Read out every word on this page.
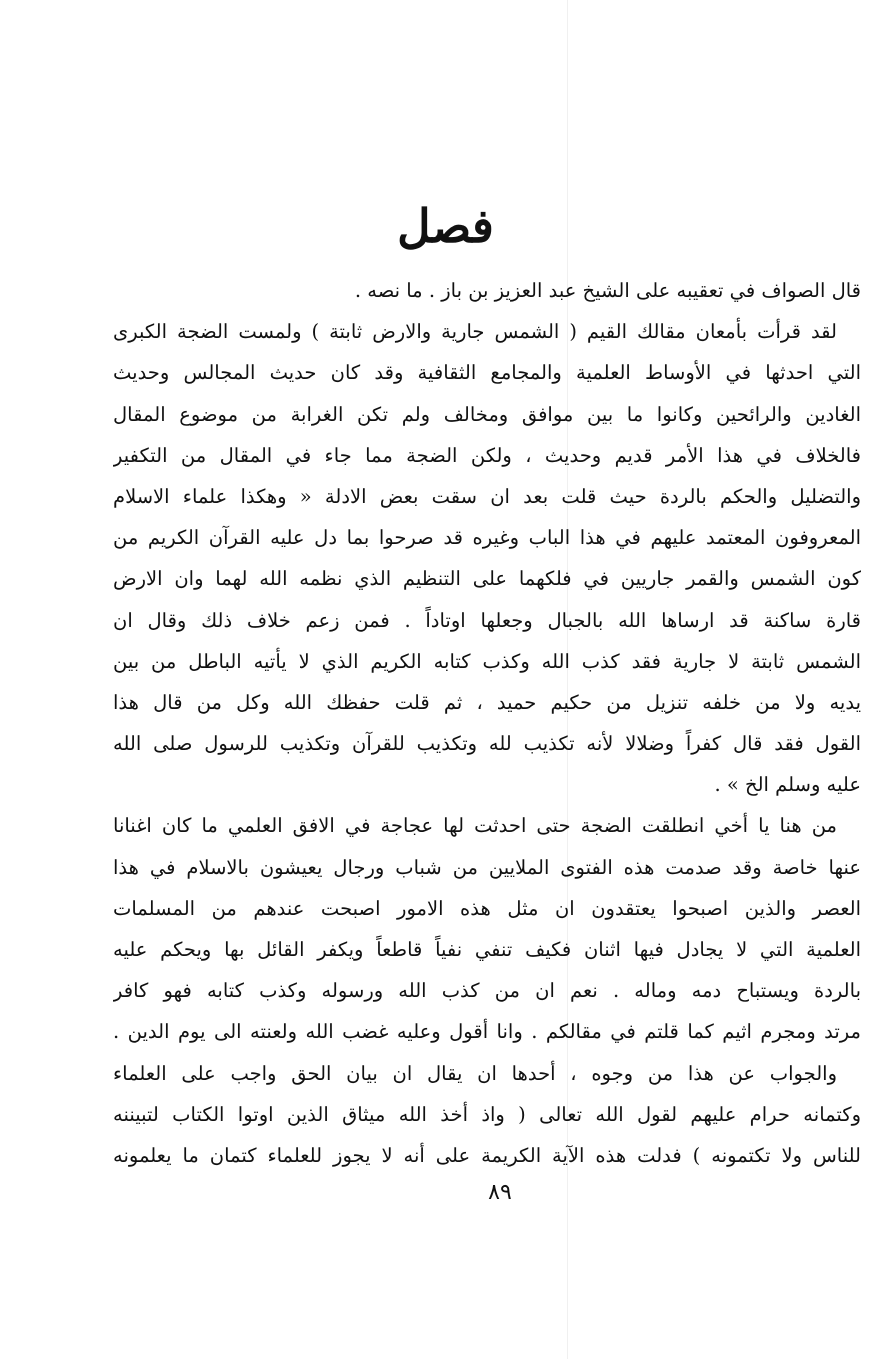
فصل
قال الصواف في تعقيبه على الشيخ عبد العزيز بن باز . ما نصه .
لقد قرأت بأمعان مقالك القيم ( الشمس جارية والارض ثابتة ) ولمست الضجة الكبرى
التي احدثها في الأوساط العلمية والمجامع الثقافية وقد كان حديث المجالس وحديث
الغادين والرائحين وكانوا ما بين موافق ومخالف ولم تكن الغرابة من موضوع المقال
فالخلاف في هذا الأمر قديم وحديث ، ولكن الضجة مما جاء في المقال من التكفير
والتضليل والحكم بالردة حيث قلت بعد ان سقت بعض الادلة « وهكذا علماء الاسلام
المعروفون المعتمد عليهم في هذا الباب وغيره قد صرحوا بما دل عليه القرآن الكريم من
كون الشمس والقمر جاريين في فلكهما على التنظيم الذي نظمه الله لهما وان الارض
قارة ساكنة قد ارساها الله بالجبال وجعلها اوتاداً . فمن زعم خلاف ذلك وقال ان
الشمس ثابتة لا جارية فقد كذب الله وكذب كتابه الكريم الذي لا يأتيه الباطل من بين
يديه ولا من خلفه تنزيل من حكيم حميد ، ثم قلت حفظك الله وكل من قال هذا
القول فقد قال كفراً وضلالا لأنه تكذيب لله وتكذيب للقرآن وتكذيب للرسول صلى الله
عليه وسلم الخ » .
من هنا يا أخي انطلقت الضجة حتى احدثت لها عجاجة في الافق العلمي ما كان اغنانا
عنها خاصة وقد صدمت هذه الفتوى الملايين من شباب ورجال يعيشون بالاسلام في هذا
العصر والذين اصبحوا يعتقدون ان مثل هذه الامور اصبحت عندهم من المسلمات
العلمية التي لا يجادل فيها اثنان فكيف تنفي نفياً قاطعاً ويكفر القائل بها ويحكم عليه
بالردة ويستباح دمه وماله . نعم ان من كذب الله ورسوله وكذب كتابه فهو كافر
مرتد ومجرم اثيم كما قلتم في مقالكم . وانا أقول وعليه غضب الله ولعنته الى يوم الدين .
والجواب عن هذا من وجوه ، أحدها ان يقال ان بيان الحق واجب على العلماء
وكتمانه حرام عليهم لقول الله تعالى ( واذ أخذ الله ميثاق الذين اوتوا الكتاب لتبيننه
للناس ولا تكتمونه ) فدلت هذه الآية الكريمة على أنه لا يجوز للعلماء كتمان ما يعلمونه
٨٩
